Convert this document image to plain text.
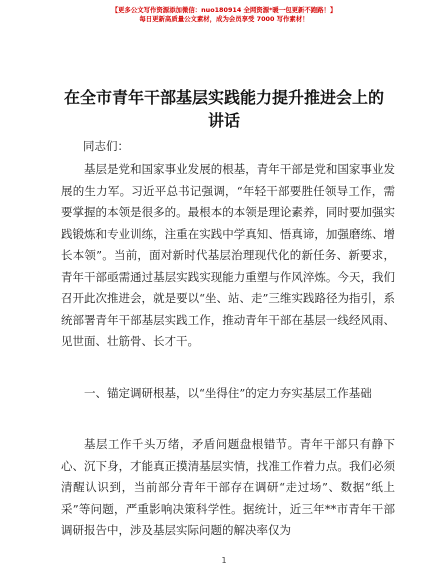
【更多公文写作资源添加微信：nuo180914 全网资源*暖一包更新不跑路！】
每日更新高质量公文素材，成为会员享受 7000 写作素材！
在全市青年干部基层实践能力提升推进会上的讲话
同志们：

基层是党和国家事业发展的根基，青年干部是党和国家事业发展的生力军。习近平总书记强调，“年轻干部要胜任领导工作，需要掌握的本领是很多的。最根本的本领是理论素养，同时要加强实践锻炼和专业训练，注重在实践中学真知、悟真谛，加强磨练、增长本领”。当前，面对新时代基层治理现代化的新任务、新要求，青年干部亟需通过基层实践实现能力重塑与作风淬炼。今天，我们召开此次推进会，就是要以“坐、站、走”三维实践路径为指引，系统部署青年干部基层实践工作，推动青年干部在基层一线经风雨、见世面、壮筋骨、长才干。

一、锚定调研根基，以“坐得住”的定力夯实基层工作基础

基层工作千头万绪，矛盾问题盘根错节。青年干部只有静下心、沉下身，才能真正摸清基层实情，找准工作着力点。我们必须清醒认识到，当前部分青年干部存在调研“走过场”、数据“纸上采”等问题，严重影响决策科学性。据统计，近三年**市青年干部调研报告中，涉及基层实际问题的解决率仅为

1
